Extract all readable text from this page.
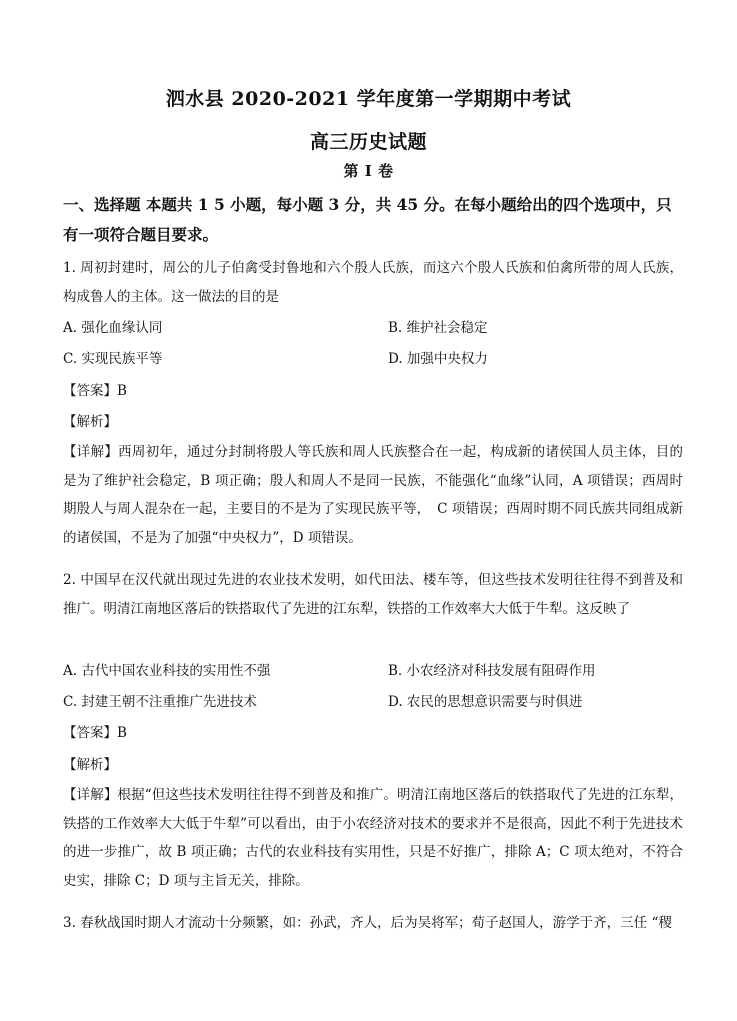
泗水县 2020-2021 学年度第一学期期中考试
高三历史试题
第 I 卷
一、选择题 本题共 1 5 小题，每小题 3 分，共 45 分。在每小题给出的四个选项中，只有一项符合题目要求。
1. 周初封建时，周公的儿子伯禽受封鲁地和六个殷人氏族，而这六个殷人氏族和伯禽所带的周人氏族，构成鲁人的主体。这一做法的目的是
A. 强化血缘认同	B. 维护社会稳定
C. 实现民族平等	D. 加强中央权力
【答案】B
【解析】
【详解】西周初年，通过分封制将殷人等氏族和周人氏族整合在一起，构成新的诸侯国人员主体，目的是为了维护社会稳定，B 项正确；殷人和周人不是同一民族，不能强化“血缘”认同，A 项错误；西周时期殷人与周人混杂在一起，主要目的不是为了实现民族平等，　C 项错误；西周时期不同氏族共同组成新的诸侯国，不是为了加强“中央权力”，D 项错误。
2. 中国早在汉代就出现过先进的农业技术发明，如代田法、楼车等，但这些技术发明往往得不到普及和推广。明清江南地区落后的铁搭取代了先进的江东犁，铁搭的工作效率大大低于牛犁。这反映了
A. 古代中国农业科技的实用性不强	B. 小农经济对科技发展有阻碍作用
C. 封建王朝不注重推广先进技术	D. 农民的思想意识需要与时俱进
【答案】B
【解析】
【详解】根据“但这些技术发明往往得不到普及和推广。明清江南地区落后的铁搭取代了先进的江东犁，铁搭的工作效率大大低于牛犁”可以看出，由于小农经济对技术的要求并不是很高，因此不利于先进技术的进一步推广，故 B 项正确；古代的农业科技有实用性，只是不好推广，排除 A；C 项太绝对，不符合史实，排除 C；D 项与主旨无关，排除。
3. 春秋战国时期人才流动十分频繁，如：孙武，齐人，后为吴将军；荀子赵国人，游学于齐，三任 “稷
